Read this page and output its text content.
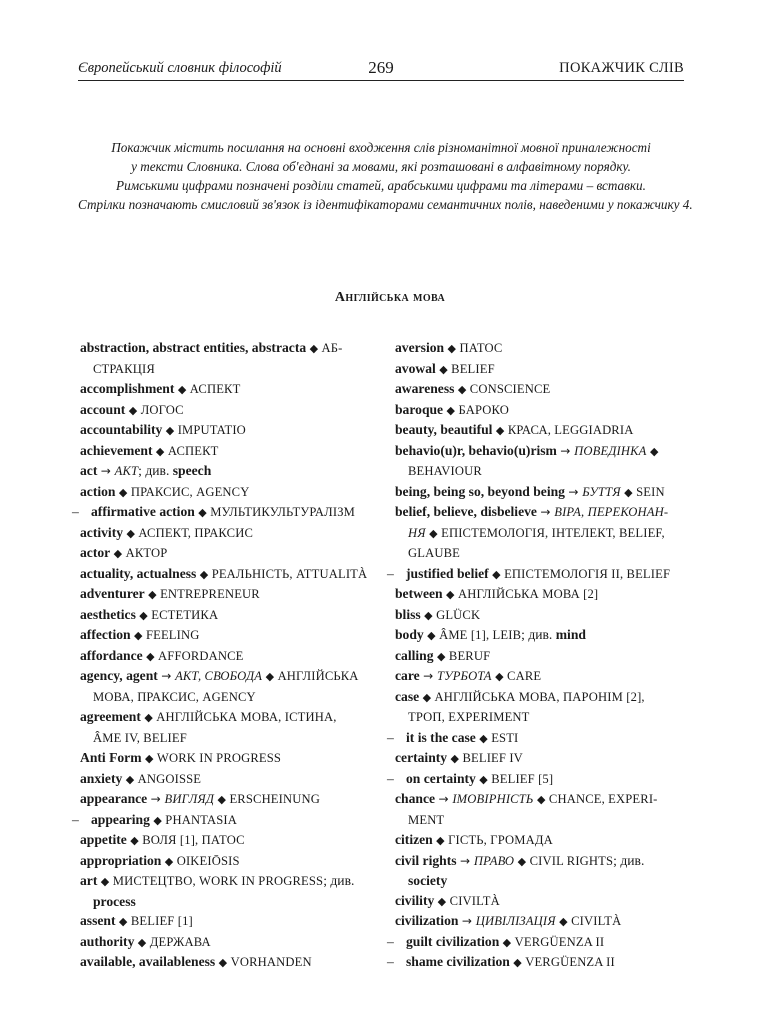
Європейський словник філософій	269	ПОКАЖЧИК СЛІВ
Покажчик містить посилання на основні входження слів різноманітної мовної приналежності
у тексти Словника. Слова об'єднані за мовами, які розташовані в алфавітному порядку.
Римськими цифрами позначені розділи статей, арабськими цифрами та літерами – вставки.
Стрілки позначають смисловий зв'язок із ідентифікаторами семантичних полів, наведеними у покажчику 4.
Англійська мова
abstraction, abstract entities, abstracta ◆ АБ-
СТРАКЦІЯ
accomplishment ◆ АСПЕКТ
account ◆ ЛОГОС
accountability ◆ IMPUTATIO
achievement ◆ АСПЕКТ
act → АКТ; див. speech
action ◆ ПРАКСИС, AGENCY
– affirmative action ◆ МУЛЬТИКУЛЬТУРАЛІЗМ
activity ◆ АСПЕКТ, ПРАКСИС
actor ◆ АКТОР
actuality, actualness ◆ РЕАЛЬНІСТЬ, ATTUALITÀ
adventurer ◆ ENTREPRENEUR
aesthetics ◆ ЕСТЕТИКА
affection ◆ FEELING
affordance ◆ AFFORDANCE
agency, agent → АКТ, СВОБОДА ◆ АНГЛІЙСЬКА
МОВА, ПРАКСИС, AGENCY
agreement ◆ АНГЛІЙСЬКА МОВА, ІСТИНА,
ÂME IV, BELIEF
Anti Form ◆ WORK IN PROGRESS
anxiety ◆ ANGOISSE
appearance → ВИГЛЯД ◆ ERSCHEINUNG
– appearing ◆ PHANTASIA
appetite ◆ ВОЛЯ [1], ПАТОС
appropriation ◆ OIKEIŌSIS
art ◆ МИСТЕЦТВО, WORK IN PROGRESS; див.
process
assent ◆ BELIEF [1]
authority ◆ ДЕРЖАВА
available, availableness ◆ VORHANDEN
aversion ◆ ПАТОС
avowal ◆ BELIEF
awareness ◆ CONSCIENCE
baroque ◆ БАРОКО
beauty, beautiful ◆ КРАСА, LEGGIADRIA
behavio(u)r, behavio(u)rism → ПОВЕДІНКА ◆
BEHAVIOUR
being, being so, beyond being → БУТТЯ ◆ SEIN
belief, believe, disbelieve → ВІРА, ПЕРЕКОНАН-
НЯ ◆ ЕПІСТЕМОЛОГІЯ, ІНТЕЛЕКТ, BELIEF,
GLAUBE
– justified belief ◆ ЕПІСТЕМОЛОГІЯ II, BELIEF
between ◆ АНГЛІЙСЬКА МОВА [2]
bliss ◆ GLÜCK
body ◆ ÂME [1], LEIB; див. mind
calling ◆ BERUF
care → ТУРБОТА ◆ CARE
case ◆ АНГЛІЙСЬКА МОВА, ПАРОНІМ [2],
ТРОП, EXPERIMENT
– it is the case ◆ ESTI
certainty ◆ BELIEF IV
– on certainty ◆ BELIEF [5]
chance → ІМОВІРНІСТЬ ◆ CHANCE, EXPERI-
MENT
citizen ◆ ГІСТЬ, ГРОМАДА
civil rights → ПРАВО ◆ CIVIL RIGHTS; див.
society
civility ◆ CIVILTÀ
civilization → ЦИВІЛІЗАЦІЯ ◆ CIVILTÀ
– guilt civilization ◆ VERGÜENZA II
– shame civilization ◆ VERGÜENZA II
